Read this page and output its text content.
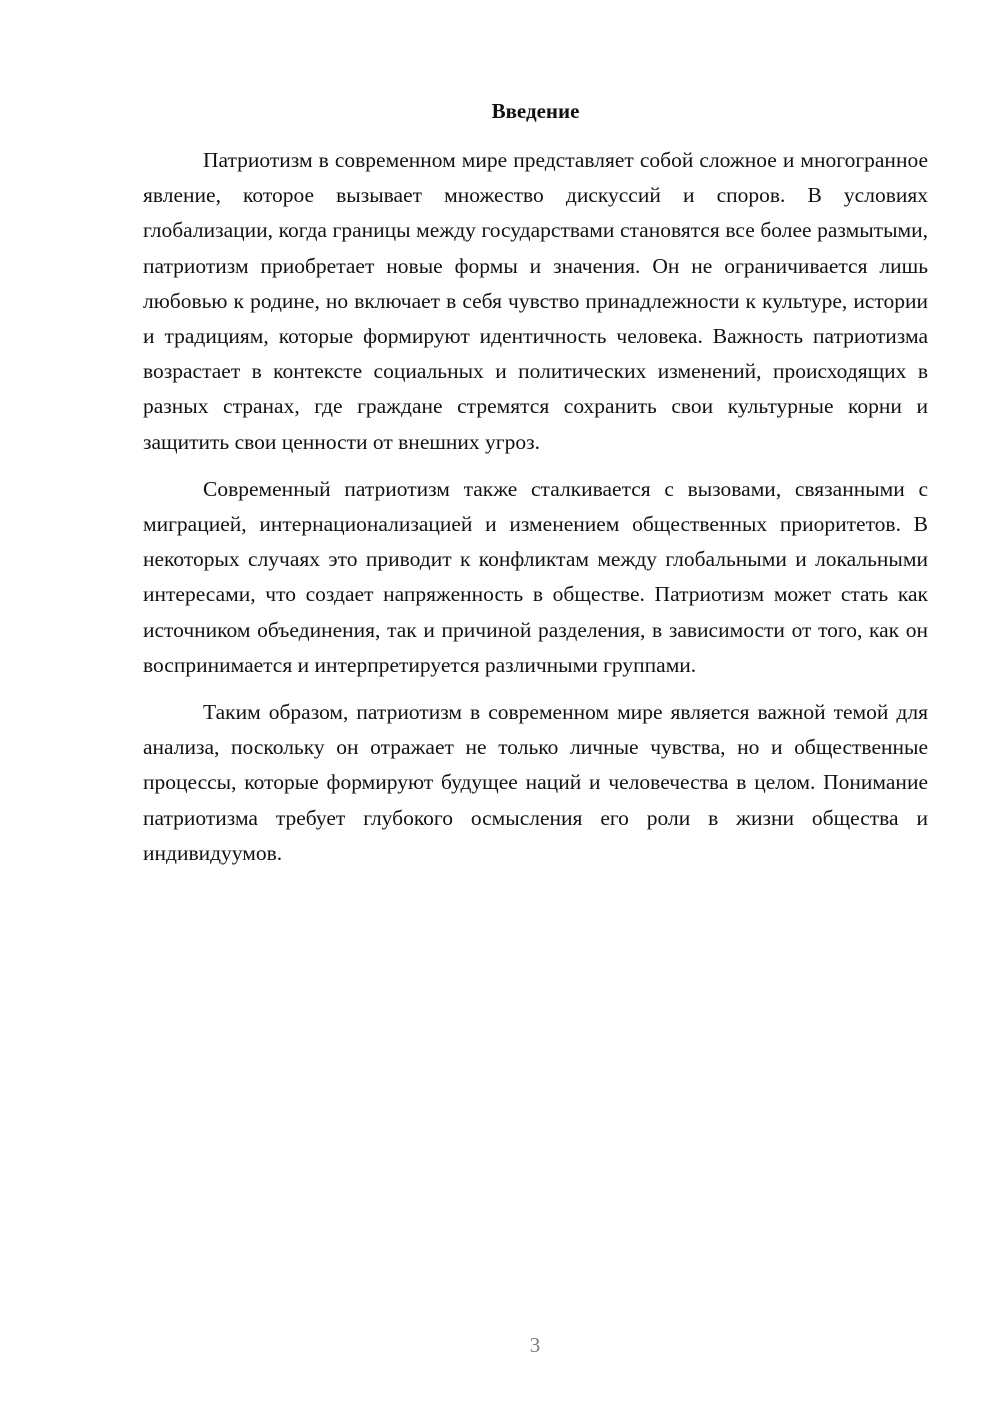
Введение

Патриотизм в современном мире представляет собой сложное и многогранное явление, которое вызывает множество дискуссий и споров. В условиях глобализации, когда границы между государствами становятся все более размытыми, патриотизм приобретает новые формы и значения. Он не ограничивается лишь любовью к родине, но включает в себя чувство принадлежности к культуре, истории и традициям, которые формируют идентичность человека. Важность патриотизма возрастает в контексте социальных и политических изменений, происходящих в разных странах, где граждане стремятся сохранить свои культурные корни и защитить свои ценности от внешних угроз.

Современный патриотизм также сталкивается с вызовами, связанными с миграцией, интернационализацией и изменением общественных приоритетов. В некоторых случаях это приводит к конфликтам между глобальными и локальными интересами, что создает напряженность в обществе. Патриотизм может стать как источником объединения, так и причиной разделения, в зависимости от того, как он воспринимается и интерпретируется различными группами.

Таким образом, патриотизм в современном мире является важной темой для анализа, поскольку он отражает не только личные чувства, но и общественные процессы, которые формируют будущее наций и человечества в целом. Понимание патриотизма требует глубокого осмысления его роли в жизни общества и индивидуумов.

3
